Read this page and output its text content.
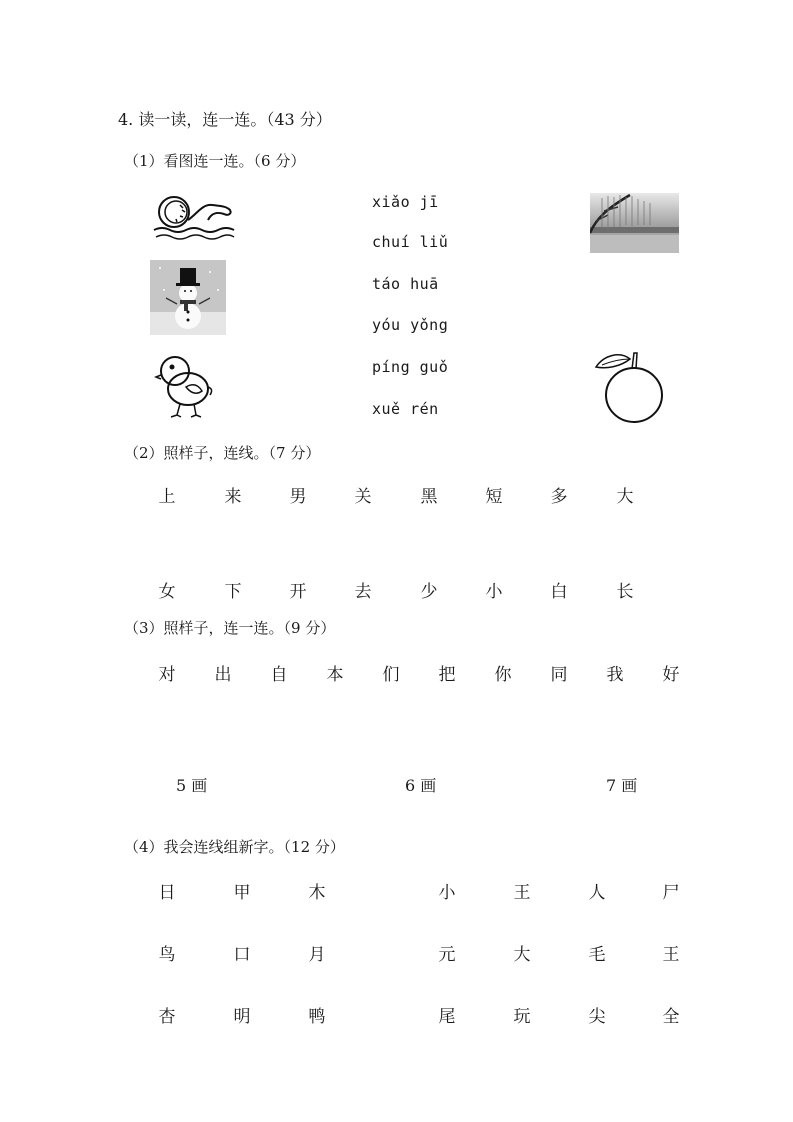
4. 读一读，连一连。（43 分）
（1）看图连一连。（6 分）
xiǎo jī
chuí liǔ
táo huā
yóu yǒng
píng guǒ
xuě rén
（2）照样子，连线。（7 分）
上	来	男	关	黑	短	多	大
女	下	开	去	少	小	白	长
（3）照样子，连一连。（9 分）
对 出 自 本 们 把 你 同 我 好
5 画	6 画	7 画
（4）我会连线组新字。（12 分）
日	甲	木	小	王	人	尸
鸟	口	月	元	大	毛	王
杏	明	鸭	尾	玩	尖	全
